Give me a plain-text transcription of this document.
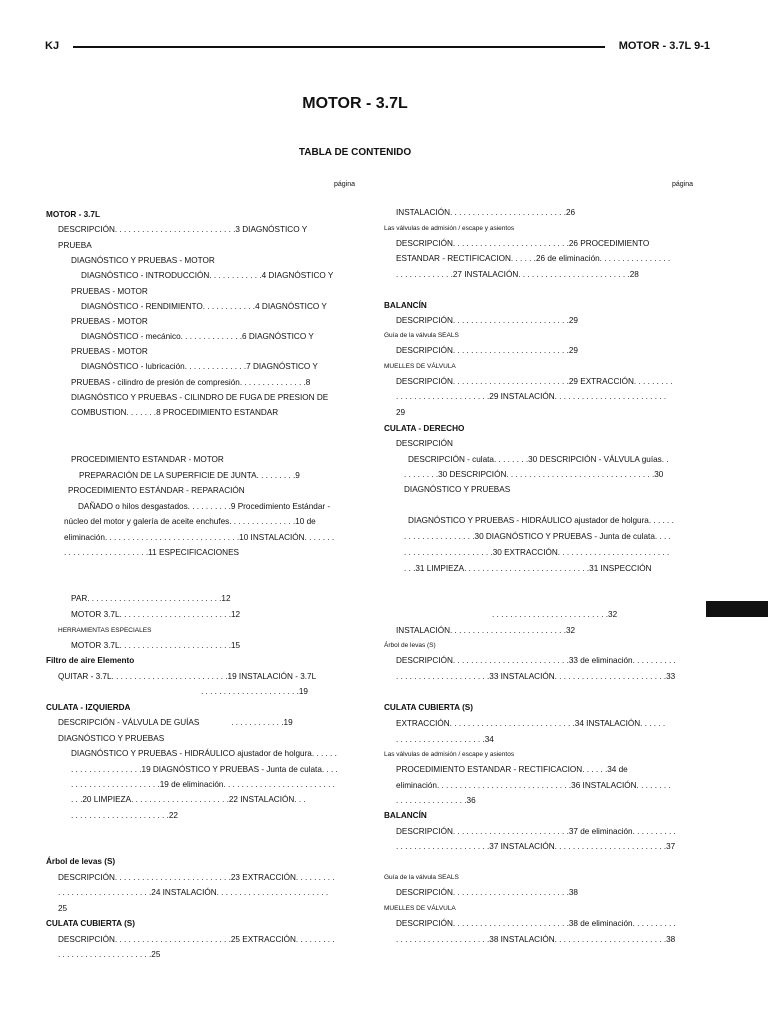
KJ	MOTOR - 3.7L 9-1
MOTOR - 3.7L
TABLA DE CONTENIDO
página	página
MOTOR - 3.7L
DESCRIPCIÓN. . . . . . . . . . . . . . . . . . . . . . . . . . .3 DIAGNÓSTICO Y
PRUEBA
DIAGNÓSTICO Y PRUEBAS - MOTOR
DIAGNÓSTICO - INTRODUCCIÓN. . . . . . . . . . . .4 DIAGNÓSTICO Y
PRUEBAS - MOTOR
DIAGNÓSTICO - RENDIMIENTO. . . . . . . . . . . .4 DIAGNÓSTICO Y
PRUEBAS - MOTOR
DIAGNÓSTICO - mecánico. . . . . . . . . . . . . .6 DIAGNÓSTICO Y
PRUEBAS - MOTOR
DIAGNÓSTICO - lubricación. . . . . . . . . . . . . .7 DIAGNÓSTICO Y
PRUEBAS - cilindro de presión de compresión. . . . . . . . . . . . . . .8
DIAGNÓSTICO Y PRUEBAS - CILINDRO DE FUGA DE PRESION DE
COMBUSTION. . . . . . .8 PROCEDIMIENTO ESTANDAR
PROCEDIMIENTO ESTANDAR - MOTOR
PREPARACIÓN DE LA SUPERFICIE DE JUNTA. . . . . . . . .9
PROCEDIMIENTO ESTÁNDAR - REPARACIÓN
DAÑADO o hilos desgastados. . . . . . . . . .9 Procedimiento Estándar -
núcleo del motor y galería de aceite enchufes. . . . . . . . . . . . . . .10 de
eliminación. . . . . . . . . . . . . . . . . . . . . . . . . . . . . .10 INSTALACIÓN. . . . . . .
. . . . . . . . . . . . . . . . . . .11 ESPECIFICACIONES
PAR. . . . . . . . . . . . . . . . . . . . . . . . . . . . . .12
MOTOR 3.7L. . . . . . . . . . . . . . . . . . . . . . . . .12
HERRAMIENTAS ESPECIALES
MOTOR 3.7L. . . . . . . . . . . . . . . . . . . . . . . . .15
Filtro de aire Elemento
QUITAR - 3.7L. . . . . . . . . . . . . . . . . . . . . . . . . .19 INSTALACIÓN - 3.7L
. . . . . . . . . . . . . . . . . . . . . .19
CULATA - IZQUIERDA
DESCRIPCIÓN - VÁLVULA DE GUÍAS              . . . . . . . . . . . .19
DIAGNÓSTICO Y PRUEBAS
DIAGNÓSTICO Y PRUEBAS - HIDRÁULICO ajustador de holgura. . . . . .
. . . . . . . . . . . . . . . .19 DIAGNÓSTICO Y PRUEBAS - Junta de culata. . . .
. . . . . . . . . . . . . . . . . . . .19 de eliminación. . . . . . . . . . . . . . . . . . . . . . . . .
. . .20 LIMPIEZA. . . . . . . . . . . . . . . . . . . . . .22 INSTALACIÓN. . .
. . . . . . . . . . . . . . . . . . . . . .22
Árbol de levas (S)
DESCRIPCIÓN. . . . . . . . . . . . . . . . . . . . . . . . . .23 EXTRACCIÓN. . . . . . . . .
. . . . . . . . . . . . . . . . . . . . .24 INSTALACIÓN. . . . . . . . . . . . . . . . . . . . . . . . .
25
CULATA CUBIERTA (S)
DESCRIPCIÓN. . . . . . . . . . . . . . . . . . . . . . . . . .25 EXTRACCIÓN. . . . . . . . .
. . . . . . . . . . . . . . . . . . . . .25
INSTALACIÓN. . . . . . . . . . . . . . . . . . . . . . . . . .26
Las válvulas de admisión / escape y asientos
DESCRIPCIÓN. . . . . . . . . . . . . . . . . . . . . . . . . .26 PROCEDIMIENTO
ESTANDAR - RECTIFICACION. . . . . .26 de eliminación. . . . . . . . . . . . . . . .
. . . . . . . . . . . . .27 INSTALACIÓN. . . . . . . . . . . . . . . . . . . . . . . . .28
BALANCÍN
DESCRIPCIÓN. . . . . . . . . . . . . . . . . . . . . . . . . .29
Guía de la válvula SEALS
DESCRIPCIÓN. . . . . . . . . . . . . . . . . . . . . . . . . .29
MUELLES DE VÁLVULA
DESCRIPCIÓN. . . . . . . . . . . . . . . . . . . . . . . . . .29 EXTRACCIÓN. . . . . . . . .
. . . . . . . . . . . . . . . . . . . . .29 INSTALACIÓN. . . . . . . . . . . . . . . . . . . . . . . . .
29
CULATA - DERECHO
DESCRIPCIÓN
DESCRIPCIÓN - culata. . . . . . . .30 DESCRIPCIÓN - VÁLVULA guías. .
. . . . . . . .30 DESCRIPCIÓN. . . . . . . . . . . . . . . . . . . . . . . . . . . . . . . . .30
DIAGNÓSTICO Y PRUEBAS
DIAGNÓSTICO Y PRUEBAS - HIDRÁULICO ajustador de holgura. . . . . .
. . . . . . . . . . . . . . . .30 DIAGNÓSTICO Y PRUEBAS - Junta de culata. . . .
. . . . . . . . . . . . . . . . . . . .30 EXTRACCIÓN. . . . . . . . . . . . . . . . . . . . . . . . .
. . .31 LIMPIEZA. . . . . . . . . . . . . . . . . . . . . . . . . . . .31 INSPECCIÓN
. . . . . . . . . . . . . . . . . . . . . . . . . .32
INSTALACIÓN. . . . . . . . . . . . . . . . . . . . . . . . . .32
Árbol de levas (S)
DESCRIPCIÓN. . . . . . . . . . . . . . . . . . . . . . . . . .33 de eliminación. . . . . . . . . .
. . . . . . . . . . . . . . . . . . . . .33 INSTALACIÓN. . . . . . . . . . . . . . . . . . . . . . . . .33
CULATA CUBIERTA (S)
EXTRACCIÓN. . . . . . . . . . . . . . . . . . . . . . . . . . . .34 INSTALACIÓN. . . . . .
. . . . . . . . . . . . . . . . . . . .34
Las válvulas de admisión / escape y asientos
PROCEDIMIENTO ESTANDAR - RECTIFICACION. . . . . .34 de
eliminación. . . . . . . . . . . . . . . . . . . . . . . . . . . . . .36 INSTALACIÓN. . . . . . . .
. . . . . . . . . . . . . . . .36
BALANCÍN
DESCRIPCIÓN. . . . . . . . . . . . . . . . . . . . . . . . . .37 de eliminación. . . . . . . . . .
. . . . . . . . . . . . . . . . . . . . .37 INSTALACIÓN. . . . . . . . . . . . . . . . . . . . . . . . .37
Guía de la válvula SEALS
DESCRIPCIÓN. . . . . . . . . . . . . . . . . . . . . . . . . .38
MUELLES DE VÁLVULA
DESCRIPCIÓN. . . . . . . . . . . . . . . . . . . . . . . . . .38 de eliminación. . . . . . . . . .
. . . . . . . . . . . . . . . . . . . . .38 INSTALACIÓN. . . . . . . . . . . . . . . . . . . . . . . . .38
